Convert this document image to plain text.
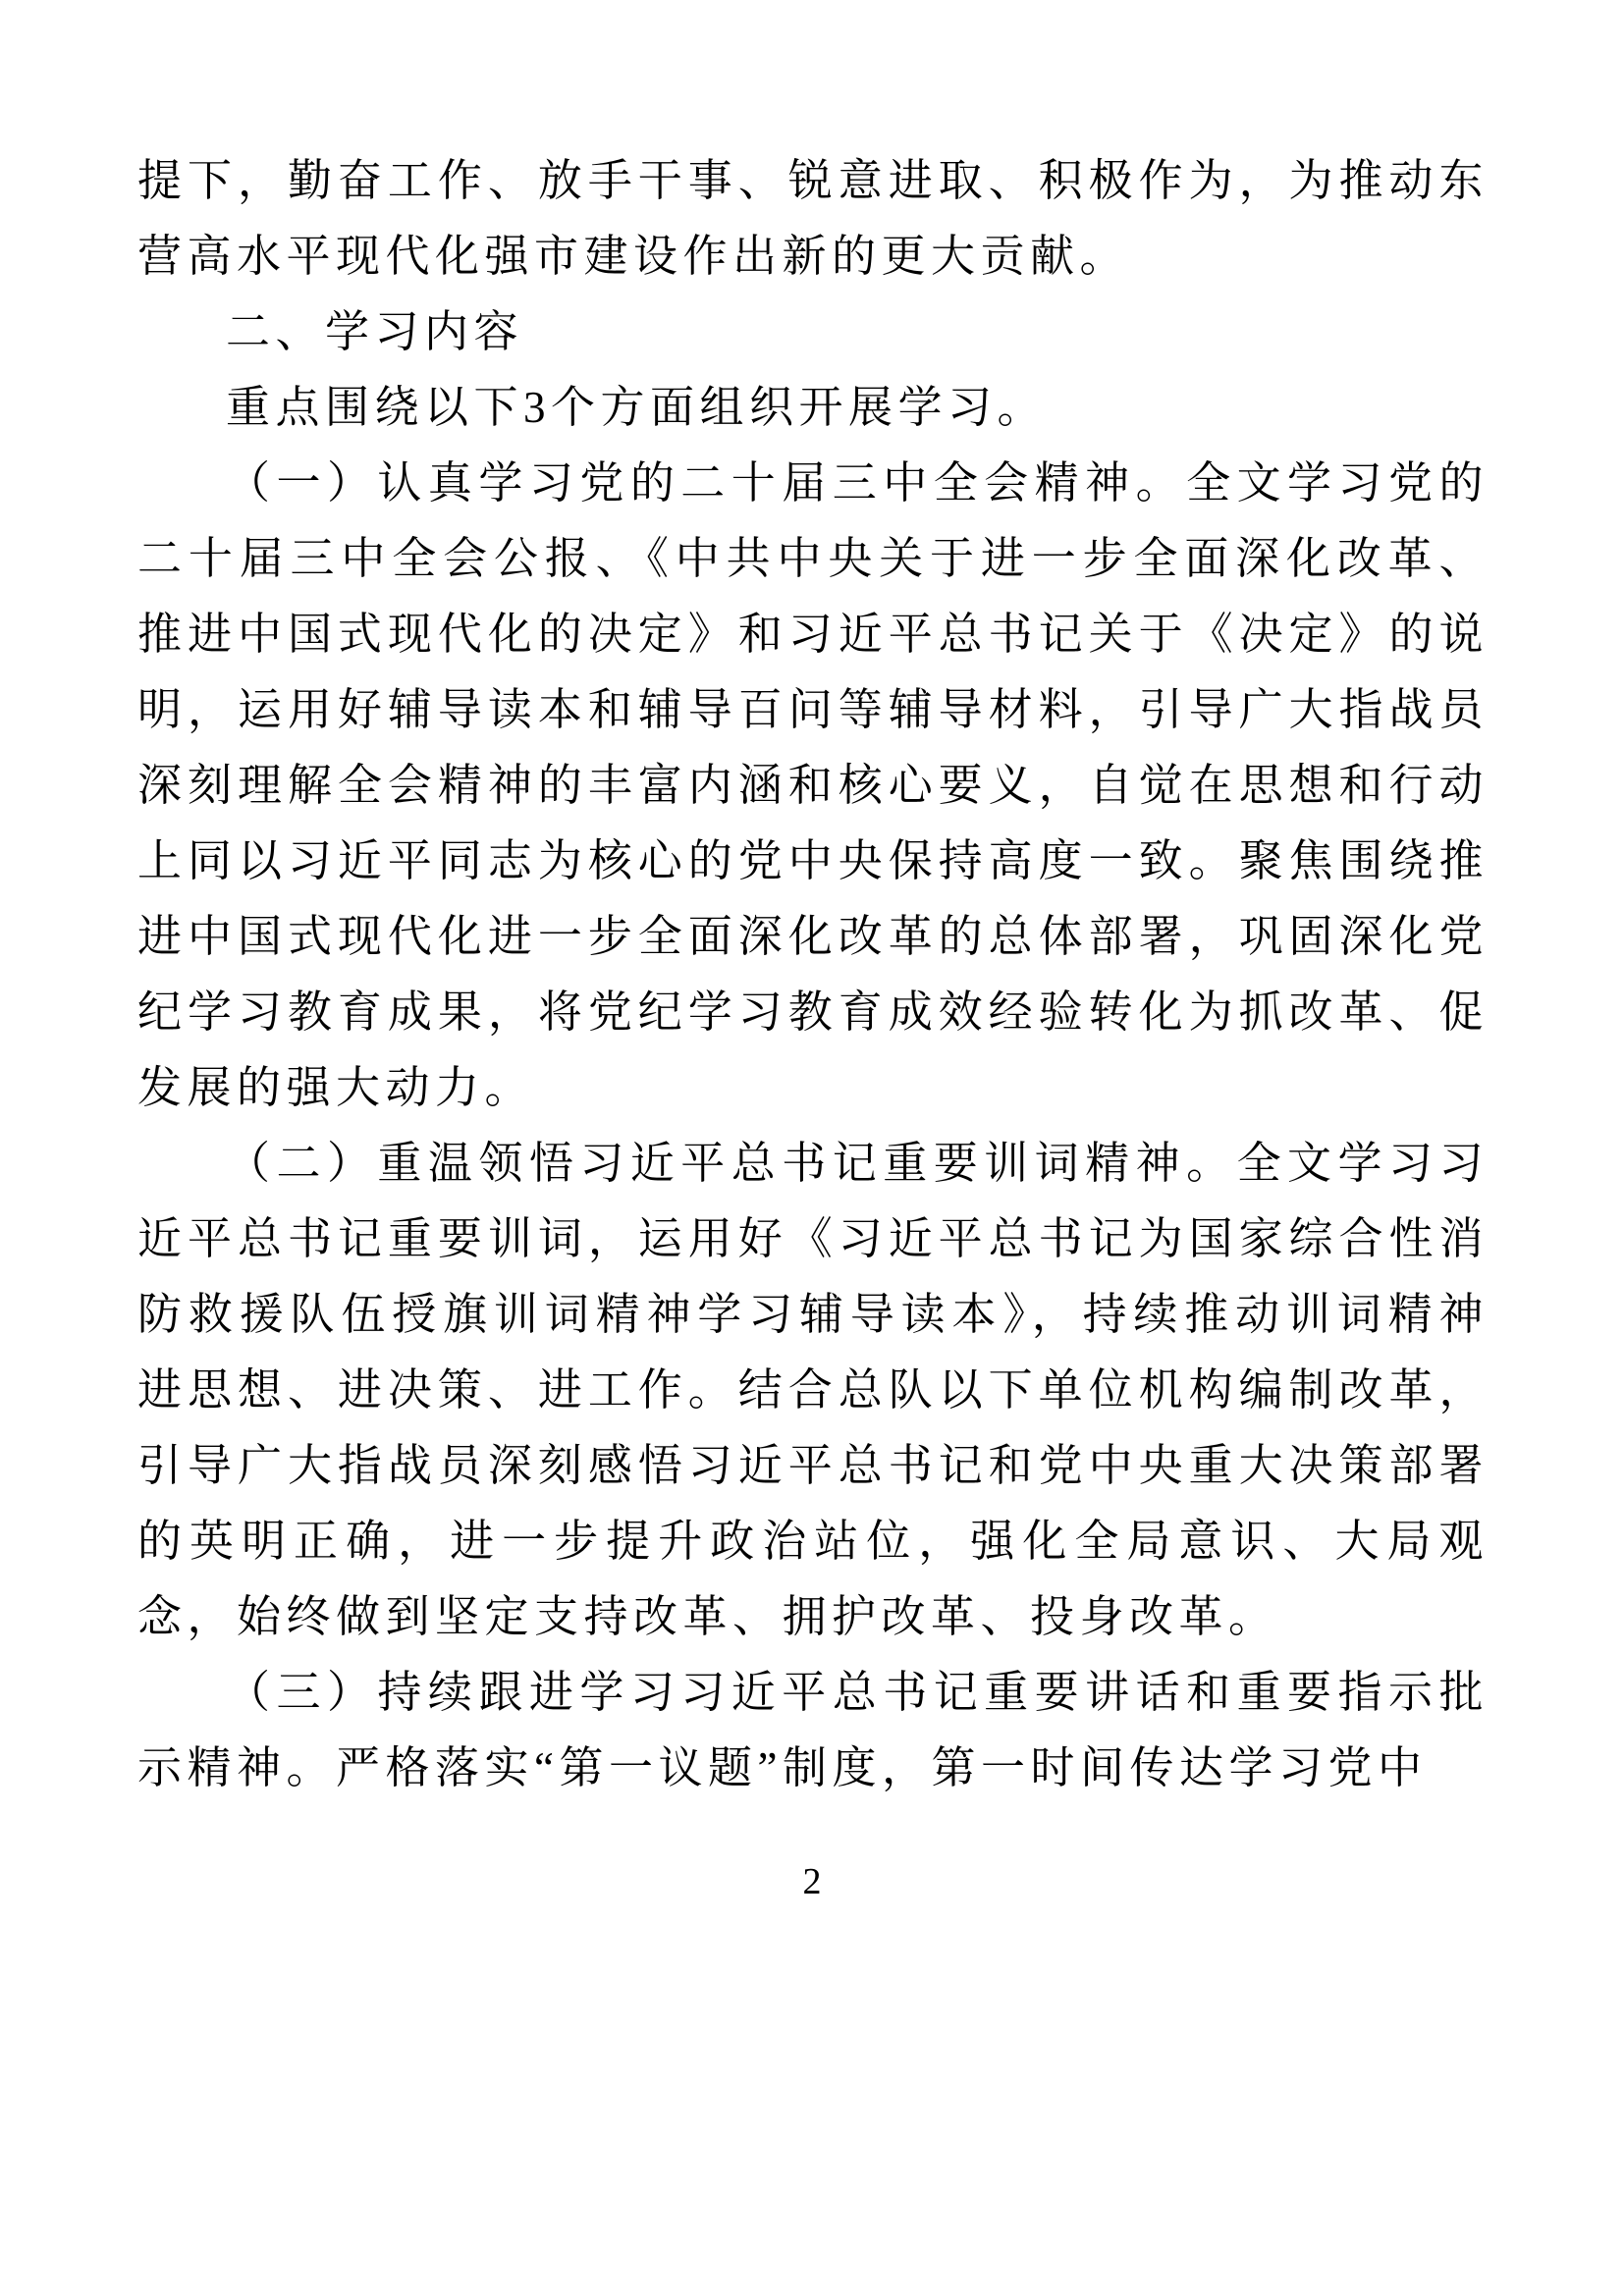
提下，勤奋工作、放手干事、锐意进取、积极作为，为推动东营高水平现代化强市建设作出新的更大贡献。

二、学习内容

重点围绕以下3个方面组织开展学习。

（一）认真学习党的二十届三中全会精神。全文学习党的二十届三中全会公报、《中共中央关于进一步全面深化改革、推进中国式现代化的决定》和习近平总书记关于《决定》的说明，运用好辅导读本和辅导百问等辅导材料，引导广大指战员深刻理解全会精神的丰富内涵和核心要义，自觉在思想和行动上同以习近平同志为核心的党中央保持高度一致。聚焦围绕推进中国式现代化进一步全面深化改革的总体部署，巩固深化党纪学习教育成果，将党纪学习教育成效经验转化为抓改革、促发展的强大动力。

（二）重温领悟习近平总书记重要训词精神。全文学习习近平总书记重要训词，运用好《习近平总书记为国家综合性消防救援队伍授旗训词精神学习辅导读本》，持续推动训词精神进思想、进决策、进工作。结合总队以下单位机构编制改革，引导广大指战员深刻感悟习近平总书记和党中央重大决策部署的英明正确，进一步提升政治站位，强化全局意识、大局观念，始终做到坚定支持改革、拥护改革、投身改革。

（三）持续跟进学习习近平总书记重要讲话和重要指示批示精神。严格落实“第一议题”制度，第一时间传达学习党中

2
